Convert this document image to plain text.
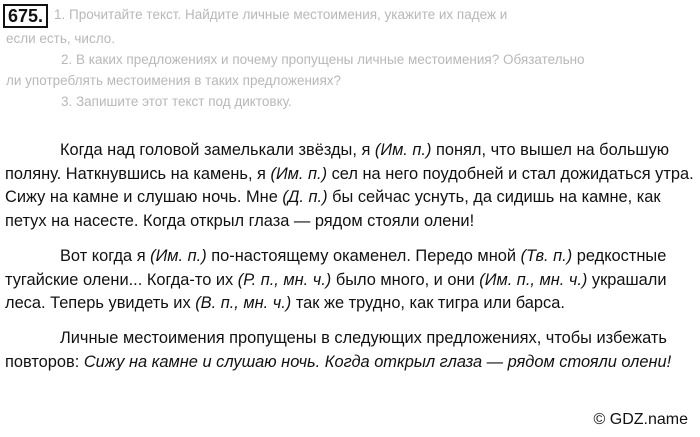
675. 1. Прочитайте текст. Найдите личные местоимения, укажите их падеж и
если есть, число.
2. В каких предложениях и почему пропущены личные местоимения? Обязательно
ли употреблять местоимения в таких предложениях?
3. Запишите этот текст под диктовку.

Когда над головой замелькали звёзды, я (Им. п.) понял, что вышел на большую поляну. Наткнувшись на камень, я (Им. п.) сел на него поудобней и стал дожидаться утра. Сижу на камне и слушаю ночь. Мне (Д. п.) бы сейчас уснуть, да сидишь на камне, как петух на насесте. Когда открыл глаза — рядом стояли олени!

Вот когда я (Им. п.) по-настоящему окаменел. Передо мной (Тв. п.) редкостные тугайские олени... Когда-то их (Р. п., мн. ч.) было много, и они (Им. п., мн. ч.) украшали леса. Теперь увидеть их (В. п., мн. ч.) так же трудно, как тигра или барса.

Личные местоимения пропущены в следующих предложениях, чтобы избежать повторов: Сижу на камне и слушаю ночь. Когда открыл глаза — рядом стояли олени!

© GDZ.name
